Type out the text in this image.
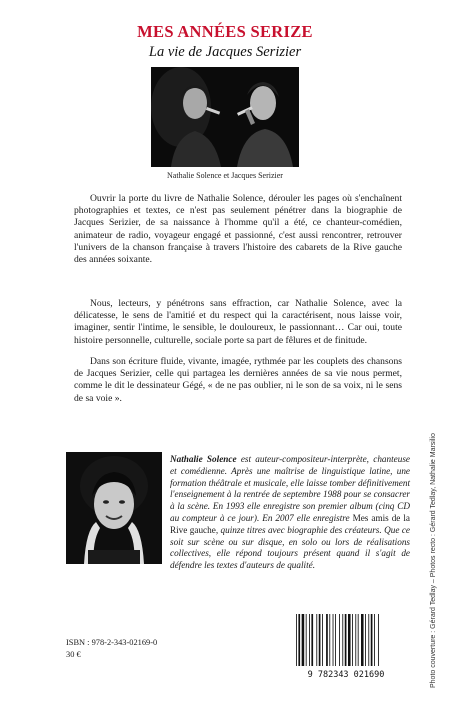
MES ANNÉES SERIZE
La vie de Jacques Serizier
Nathalie Solence et Jacques Serizier

Ouvrir la porte du livre de Nathalie Solence, dérouler les pages où s'enchaînent photographies et textes, ce n'est pas seulement pénétrer dans la biographie de Jacques Serizier, de sa naissance à l'homme qu'il a été, ce chanteur-comédien, animateur de radio, voyageur engagé et passionné, c'est aussi rencontrer, retrouver l'univers de la chanson française à travers l'histoire des cabarets de la Rive gauche des années soixante.

Nous, lecteurs, y pénétrons sans effraction, car Nathalie Solence, avec la délicatesse, le sens de l'amitié et du respect qui la caractérisent, nous laisse voir, imaginer, sentir l'intime, le sensible, le douloureux, le passionnant… Car oui, toute histoire personnelle, culturelle, sociale porte sa part de fêlures et de finitude.

Dans son écriture fluide, vivante, imagée, rythmée par les couplets des chansons de Jacques Serizier, celle qui partagea les dernières années de sa vie nous permet, comme le dit le dessinateur Gégé, « de ne pas oublier, ni le son de sa voix, ni le sens de sa voie ».

Nathalie Solence est auteur-compositeur-interprète, chanteuse et comédienne. Après une maîtrise de linguistique latine, une formation théâtrale et musicale, elle laisse tomber définitivement l'enseignement à la rentrée de septembre 1988 pour se consacrer à la scène. En 1993 elle enregistre son premier album (cinq CD au compteur à ce jour). En 2007 elle enregistre Mes amis de la Rive gauche, quinze titres avec biographie des créateurs. Que ce soit sur scène ou sur disque, en solo ou lors de réalisations collectives, elle répond toujours présent quand il s'agit de défendre les textes d'auteurs de qualité.
ISBN : 978-2-343-02169-0
30 €
9 782343 021690	Photo couverture : Gérard Tedlay – Photos recto : Gérard Tedlay, Nathalie Marsilio
